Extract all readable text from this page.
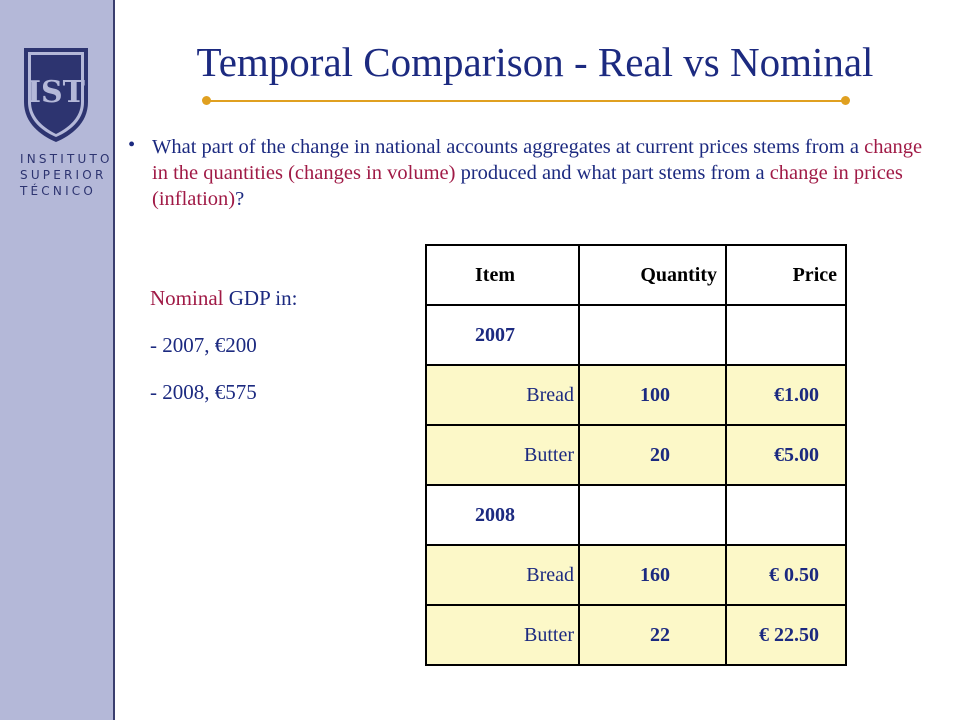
IST
INSTITUTO
SUPERIOR
TÉCNICO
Temporal Comparison - Real vs Nominal
• What part of the change in national accounts aggregates at current prices stems from a change in the quantities (changes in volume) produced and what part stems from a change in prices (inflation)?
Nominal GDP in:
- 2007, €200
- 2008, €575
Item	Quantity	Price
2007		
Bread	100	€1.00
Butter	20	€5.00
2008		
Bread	160	€ 0.50
Butter	22	€ 22.50
